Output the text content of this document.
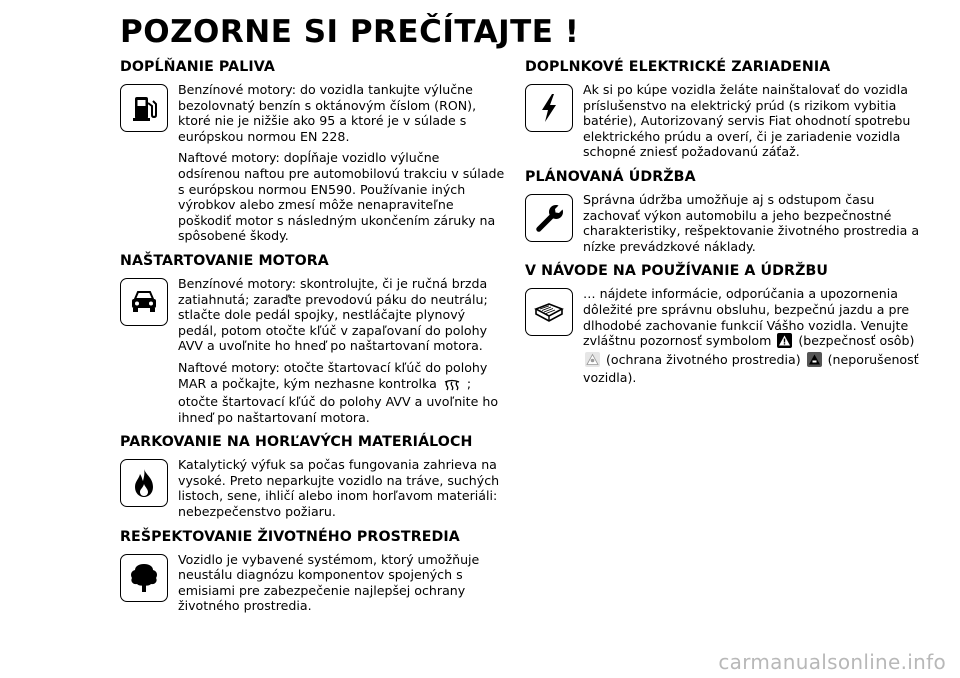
POZORNE SI PREČÍTAJTE !
DOPĹŇANIE PALIVA

Benzínové motory: do vozidla tankujte výlučne bezolovnatý benzín s oktánovým číslom (RON), ktoré nie je nižšie ako 95 a ktoré je v súlade s európskou normou EN 228.

Naftové motory: dopĺňaje vozidlo výlučne odsírenou naftou pre automobilovú trakciu v súlade s európskou normou EN590. Používanie iných výrobkov alebo zmesí môže nenapraviteľne poškodiť motor s následným ukončením záruky na spôsobené škody.

NAŠTARTOVANIE MOTORA

Benzínové motory: skontrolujte, či je ručná brzda zatiahnutá; zaraďte prevodovú páku do neutrálu; stlačte dole pedál spojky, nestláčajte plynový pedál, potom otočte kľúč v zapaľovaní do polohy AVV a uvoľnite ho hneď po naštartovaní motora.

Naftové motory: otočte štartovací kľúč do polohy MAR a počkajte, kým nezhasne kontrolka  ; otočte štartovací kľúč do polohy AVV a uvoľnite ho ihneď po naštartovaní motora.

PARKOVANIE NA HORĽAVÝCH MATERIÁLOCH

Katalytický výfuk sa počas fungovania zahrieva na vysoké. Preto neparkujte vozidlo na tráve, suchých listoch, sene, ihličí alebo inom horľavom materiáli: nebezpečenstvo požiaru.

REŠPEKTOVANIE ŽIVOTNÉHO PROSTREDIA

Vozidlo je vybavené systémom, ktorý umožňuje neustálu diagnózu komponentov spojených s emisiami pre zabezpečenie najlepšej ochrany životného prostredia.

DOPLNKOVÉ ELEKTRICKÉ ZARIADENIA

Ak si po kúpe vozidla želáte nainštalovať do vozidla príslušenstvo na elektrický prúd (s rizikom vybitia batérie), Autorizovaný servis Fiat ohodnotí spotrebu elektrického prúdu a overí, či je zariadenie vozidla schopné zniesť požadovanú záťaž.

PLÁNOVANÁ ÚDRŽBA

Správna údržba umožňuje aj s odstupom času zachovať výkon automobilu a jeho bezpečnostné charakteristiky, rešpektovanie životného prostredia a nízke prevádzkové náklady.

V NÁVODE NA POUŽÍVANIE A ÚDRŽBU

… nájdete informácie, odporúčania a upozornenia dôležité pre správnu obsluhu, bezpečnú jazdu a pre dlhodobé zachovanie funkcií Vášho vozidla. Venujte zvláštnu pozornosť symbolom  (bezpečnosť osôb)  (ochrana životného prostredia)  (neporušenosť vozidla).

carmanualsonline.info
